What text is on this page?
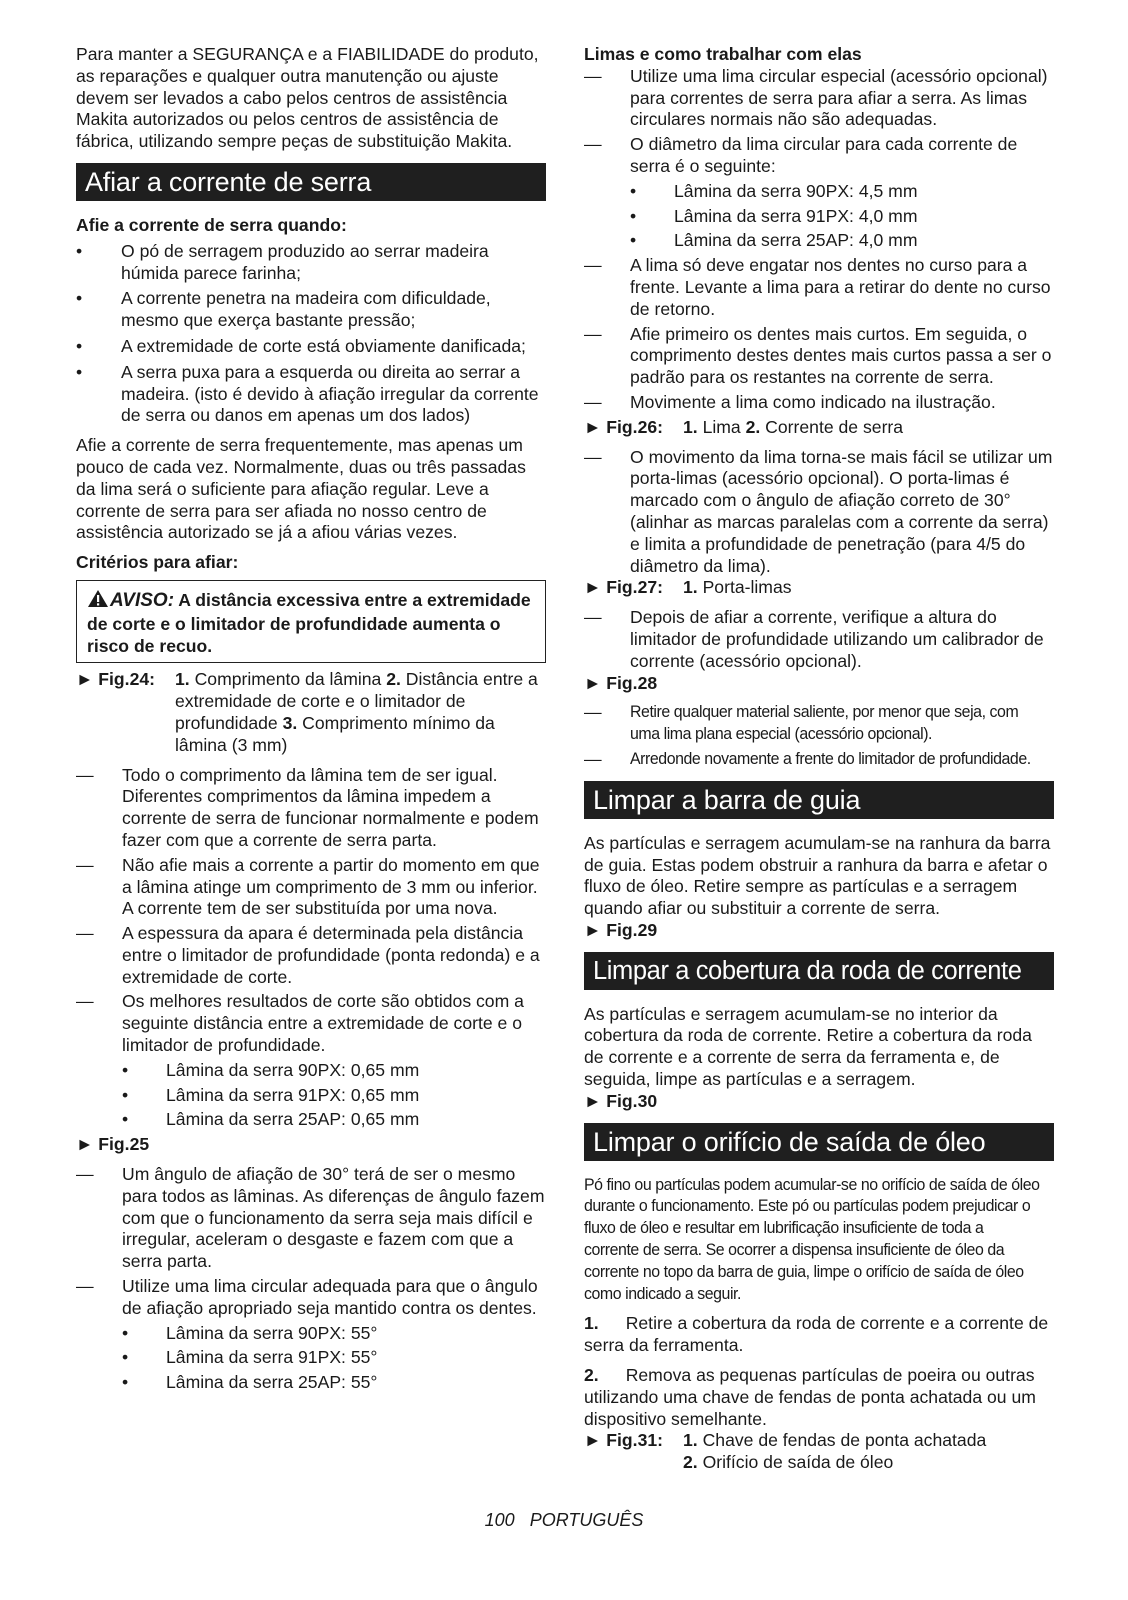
Para manter a SEGURANÇA e a FIABILIDADE do produto, as reparações e qualquer outra manutenção ou ajuste devem ser levados a cabo pelos centros de assistência Makita autorizados ou pelos centros de assistência de fábrica, utilizando sempre peças de substituição Makita.

Afiar a corrente de serra

Afie a corrente de serra quando:

•	O pó de serragem produzido ao serrar madeira húmida parece farinha;
•	A corrente penetra na madeira com dificuldade, mesmo que exerça bastante pressão;
•	A extremidade de corte está obviamente danificada;
•	A serra puxa para a esquerda ou direita ao serrar a madeira. (isto é devido à afiação irregular da corrente de serra ou danos em apenas um dos lados)

Afie a corrente de serra frequentemente, mas apenas um pouco de cada vez. Normalmente, duas ou três passadas da lima será o suficiente para afiação regular. Leve a corrente de serra para ser afiada no nosso centro de assistência autorizado se já a afiou várias vezes.

Critérios para afiar:

AVISO: A distância excessiva entre a extremidade de corte e o limitador de profundidade aumenta o risco de recuo.
► Fig.24:	1. Comprimento da lâmina 2. Distância entre a extremidade de corte e o limitador de profundidade 3. Comprimento mínimo da lâmina (3 mm)
—	Todo o comprimento da lâmina tem de ser igual. Diferentes comprimentos da lâmina impedem a corrente de serra de funcionar normalmente e podem fazer com que a corrente de serra parta.
—	Não afie mais a corrente a partir do momento em que a lâmina atinge um comprimento de 3 mm ou inferior. A corrente tem de ser substituída por uma nova.
—	A espessura da apara é determinada pela distância entre o limitador de profundidade (ponta redonda) e a extremidade de corte.
—	Os melhores resultados de corte são obtidos com a seguinte distância entre a extremidade de corte e o limitador de profundidade.
•	Lâmina da serra 90PX: 0,65 mm
•	Lâmina da serra 91PX: 0,65 mm
•	Lâmina da serra 25AP: 0,65 mm

► Fig.25

—	Um ângulo de afiação de 30° terá de ser o mesmo para todos as lâminas. As diferenças de ângulo fazem com que o funcionamento da serra seja mais difícil e irregular, aceleram o desgaste e fazem com que a serra parta.
—	Utilize uma lima circular adequada para que o ângulo de afiação apropriado seja mantido contra os dentes.
•	Lâmina da serra 90PX: 55°
•	Lâmina da serra 91PX: 55°
•	Lâmina da serra 25AP: 55°

Limas e como trabalhar com elas

—	Utilize uma lima circular especial (acessório opcional) para correntes de serra para afiar a serra. As limas circulares normais não são adequadas.
—	O diâmetro da lima circular para cada corrente de serra é o seguinte:
•	Lâmina da serra 90PX: 4,5 mm
•	Lâmina da serra 91PX: 4,0 mm
•	Lâmina da serra 25AP: 4,0 mm
—	A lima só deve engatar nos dentes no curso para a frente. Levante a lima para a retirar do dente no curso de retorno.
—	Afie primeiro os dentes mais curtos. Em seguida, o comprimento destes dentes mais curtos passa a ser o padrão para os restantes na corrente de serra.
—	Movimente a lima como indicado na ilustração.
► Fig.26:	1. Lima 2. Corrente de serra
—	O movimento da lima torna-se mais fácil se utilizar um porta-limas (acessório opcional). O porta-limas é marcado com o ângulo de afiação correto de 30° (alinhar as marcas paralelas com a corrente da serra) e limita a profundidade de penetração (para 4/5 do diâmetro da lima).
► Fig.27:	1. Porta-limas
—	Depois de afiar a corrente, verifique a altura do limitador de profundidade utilizando um calibrador de corrente (acessório opcional).

► Fig.28

—	Retire qualquer material saliente, por menor que seja, com uma lima plana especial (acessório opcional).
—	Arredonde novamente a frente do limitador de profundidade.
Limpar a barra de guia

As partículas e serragem acumulam-se na ranhura da barra de guia. Estas podem obstruir a ranhura da barra e afetar o fluxo de óleo. Retire sempre as partículas e a serragem quando afiar ou substituir a corrente de serra.

► Fig.29

Limpar a cobertura da roda de corrente

As partículas e serragem acumulam-se no interior da cobertura da roda de corrente. Retire a cobertura da roda de corrente e a corrente de serra da ferramenta e, de seguida, limpe as partículas e a serragem.

► Fig.30

Limpar o orifício de saída de óleo

Pó fino ou partículas podem acumular-se no orifício de saída de óleo durante o funcionamento. Este pó ou partículas podem prejudicar o fluxo de óleo e resultar em lubrificação insuficiente de toda a corrente de serra. Se ocorrer a dispensa insuficiente de óleo da corrente no topo da barra de guia, limpe o orifício de saída de óleo como indicado a seguir.

1. Retire a cobertura da roda de corrente e a corrente de serra da ferramenta.

2. Remova as pequenas partículas de poeira ou outras utilizando uma chave de fendas de ponta achatada ou um dispositivo semelhante.

► Fig.31:	1. Chave de fendas de ponta achatada
2. Orifício de saída de óleo
100 PORTUGUÊS
